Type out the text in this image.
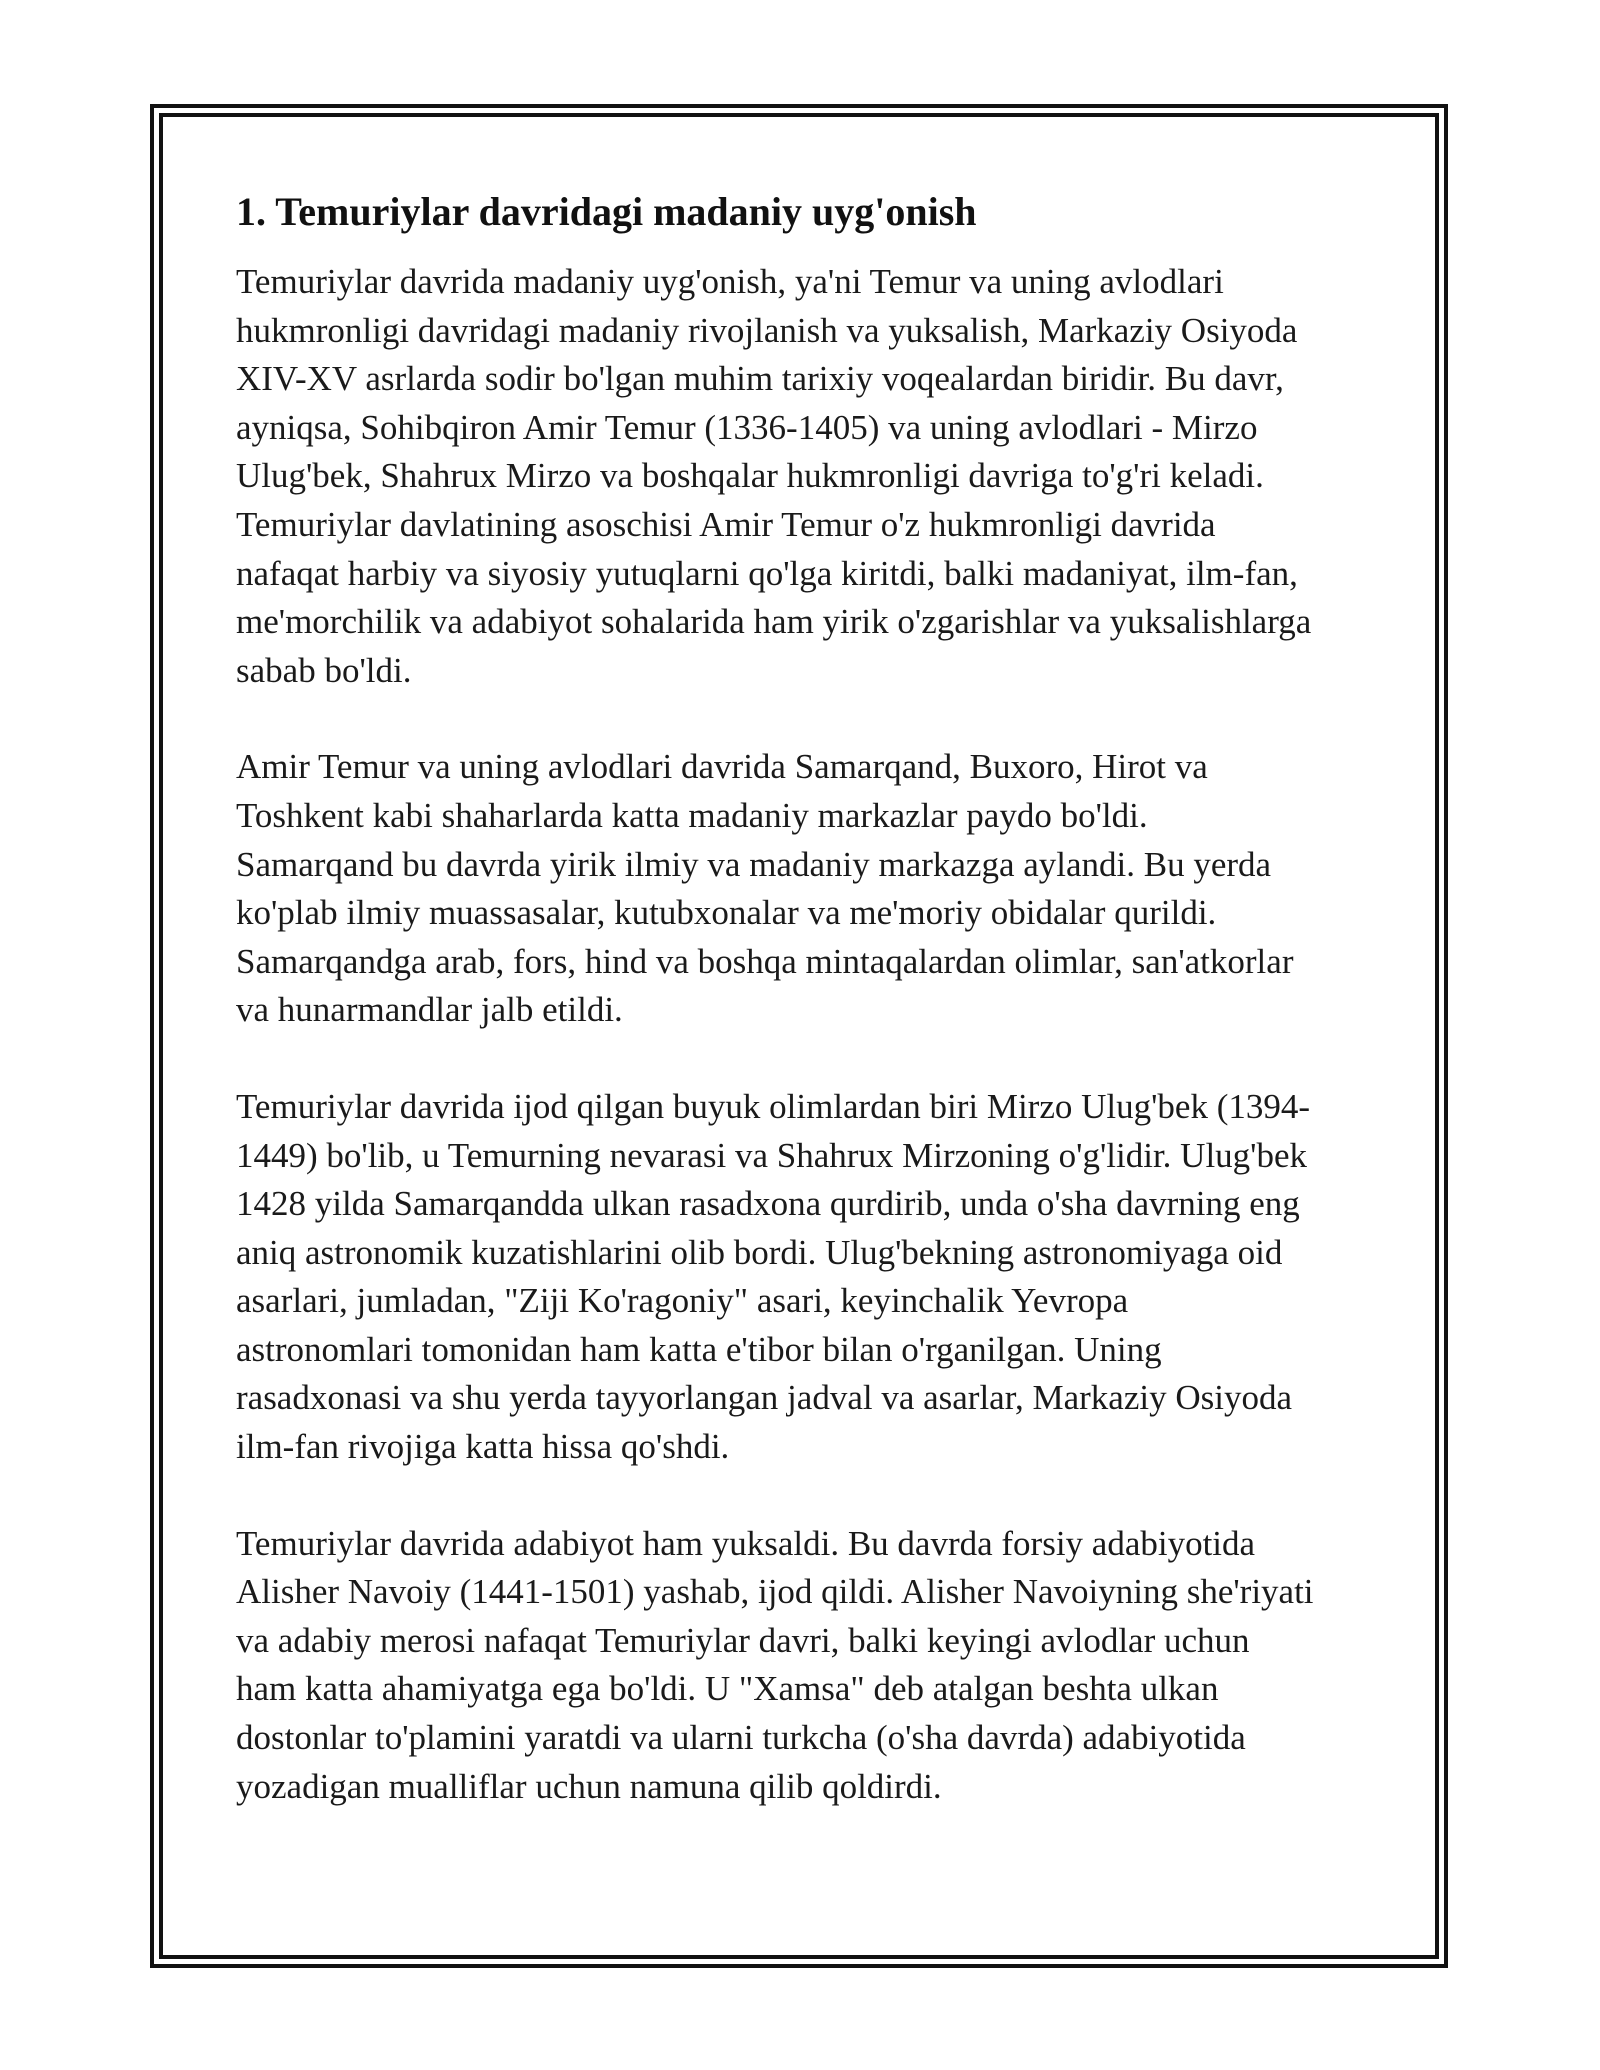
1. Temuriylar davridagi madaniy uyg'onish

Temuriylar davrida madaniy uyg'onish, ya'ni Temur va uning avlodlari
hukmronligi davridagi madaniy rivojlanish va yuksalish, Markaziy Osiyoda
XIV-XV asrlarda sodir bo'lgan muhim tarixiy voqealardan biridir. Bu davr,
ayniqsa, Sohibqiron Amir Temur (1336-1405) va uning avlodlari - Mirzo
Ulug'bek, Shahrux Mirzo va boshqalar hukmronligi davriga to'g'ri keladi.
Temuriylar davlatining asoschisi Amir Temur o'z hukmronligi davrida
nafaqat harbiy va siyosiy yutuqlarni qo'lga kiritdi, balki madaniyat, ilm-fan,
me'morchilik va adabiyot sohalarida ham yirik o'zgarishlar va yuksalishlarga
sabab bo'ldi.

Amir Temur va uning avlodlari davrida Samarqand, Buxoro, Hirot va
Toshkent kabi shaharlarda katta madaniy markazlar paydo bo'ldi.
Samarqand bu davrda yirik ilmiy va madaniy markazga aylandi. Bu yerda
ko'plab ilmiy muassasalar, kutubxonalar va me'moriy obidalar qurildi.
Samarqandga arab, fors, hind va boshqa mintaqalardan olimlar, san'atkorlar
va hunarmandlar jalb etildi.

Temuriylar davrida ijod qilgan buyuk olimlardan biri Mirzo Ulug'bek (1394-
1449) bo'lib, u Temurning nevarasi va Shahrux Mirzoning o'g'lidir. Ulug'bek
1428 yilda Samarqandda ulkan rasadxona qurdirib, unda o'sha davrning eng
aniq astronomik kuzatishlarini olib bordi. Ulug'bekning astronomiyaga oid
asarlari, jumladan, "Ziji Ko'ragoniy" asari, keyinchalik Yevropa
astronomlari tomonidan ham katta e'tibor bilan o'rganilgan. Uning
rasadxonasi va shu yerda tayyorlangan jadval va asarlar, Markaziy Osiyoda
ilm-fan rivojiga katta hissa qo'shdi.

Temuriylar davrida adabiyot ham yuksaldi. Bu davrda forsiy adabiyotida
Alisher Navoiy (1441-1501) yashab, ijod qildi. Alisher Navoiyning she'riyati
va adabiy merosi nafaqat Temuriylar davri, balki keyingi avlodlar uchun
ham katta ahamiyatga ega bo'ldi. U "Xamsa" deb atalgan beshta ulkan
dostonlar to'plamini yaratdi va ularni turkcha (o'sha davrda) adabiyotida
yozadigan mualliflar uchun namuna qilib qoldirdi.
